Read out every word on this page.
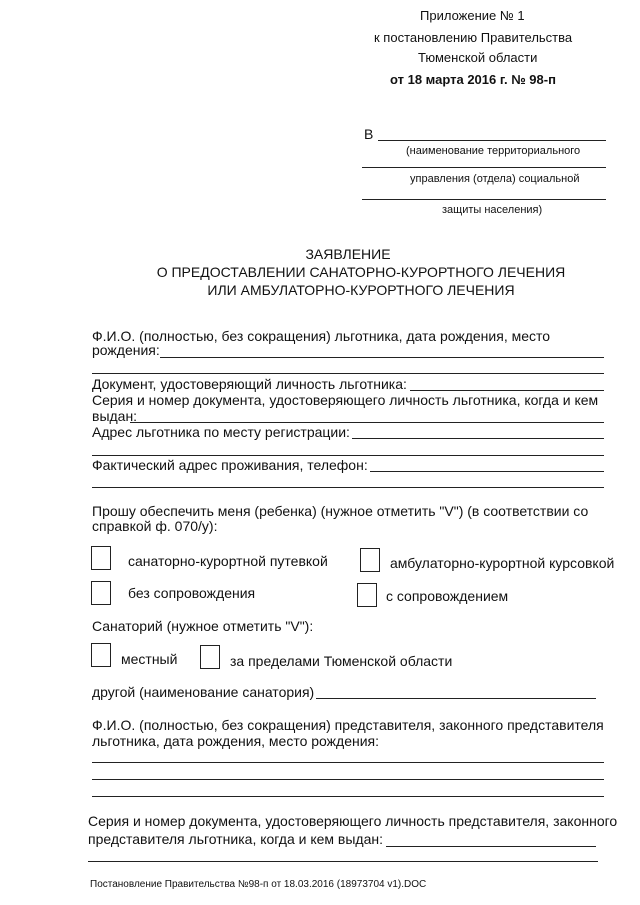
Приложение № 1
к постановлению Правительства
Тюменской области
от 18 марта 2016 г. № 98-п
В
(наименование территориального
управления (отдела) социальной
защиты населения)
ЗАЯВЛЕНИЕ
О ПРЕДОСТАВЛЕНИИ САНАТОРНО-КУРОРТНОГО ЛЕЧЕНИЯ
ИЛИ АМБУЛАТОРНО-КУРОРТНОГО ЛЕЧЕНИЯ
Ф.И.О. (полностью, без сокращения) льготника, дата рождения, место
рождения:
Документ, удостоверяющий личность льготника:
Серия и номер документа, удостоверяющего личность льготника, когда и кем
выдан:
Адрес льготника по месту регистрации:
Фактический адрес проживания, телефон:
Прошу обеспечить меня (ребенка) (нужное отметить "V") (в соответствии со
справкой ф. 070/у):
санаторно-курортной путевкой	амбулаторно-курортной курсовкой
без сопровождения	с сопровождением
Санаторий (нужное отметить "V"):
местный	за пределами Тюменской области
другой (наименование санатория)
Ф.И.О. (полностью, без сокращения) представителя, законного представителя
льготника, дата рождения, место рождения:
Серия и номер документа, удостоверяющего личность представителя, законного
представителя льготника, когда и кем выдан:
Постановление Правительства №98-п от 18.03.2016 (18973704 v1).DOC
